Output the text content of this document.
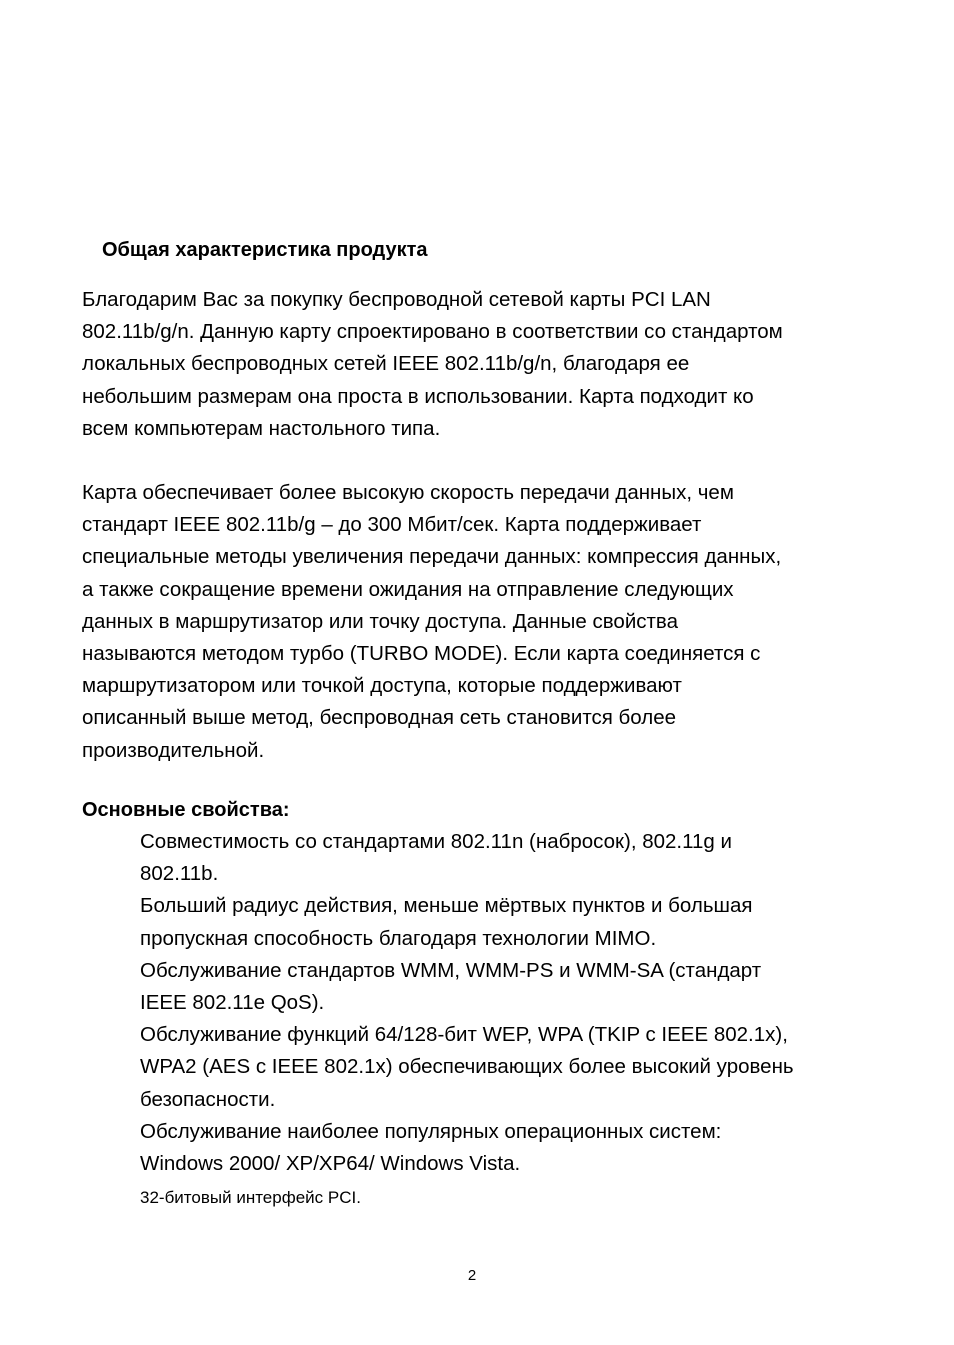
Общая характеристика продукта
Благодарим Вас за покупку беспроводной сетевой карты PCI LAN
802.11b/g/n. Данную карту спроектировано в соответствии со стандартом
локальных беспроводных сетей IEEE 802.11b/g/n, благодаря ее
небольшим размерам она проста в использовании. Карта подходит ко
всем компьютерам настольного типа.
Карта обеспечивает более высокую скорость передачи данных, чем
стандарт IEEE 802.11b/g – до 300 Мбит/сек. Карта поддерживает
специальные методы увеличения передачи данных: компрессия данных,
а также сокращение времени ожидания на отправление следующих
данных в маршрутизатор или точку доступа. Данные свойства
называются методом турбо (TURBO MODE). Если карта соединяется с
маршрутизатором или точкой доступа, которые поддерживают
описанный выше метод, беспроводная сеть становится более
производительной.
Основные свойства:
Совместимость со стандартами 802.11n (набросок), 802.11g и
802.11b.
Больший радиус действия, меньше мёртвых пунктов и большая
пропускная способность благодаря технологии MIMO.
Обслуживание стандартов WMM, WMM-PS и WMM-SA (стандарт
IEEE 802.11e QoS).
Обслуживание функций 64/128-бит WEP, WPA (TKIP с IEEE 802.1x),
WPA2 (AES с IEEE 802.1x) обеспечивающих более высокий уровень
безопасности.
Обслуживание наиболее популярных операционных систем:
Windows 2000/ XP/XP64/ Windows Vista.
32-битовый интерфейс PCI.
2
